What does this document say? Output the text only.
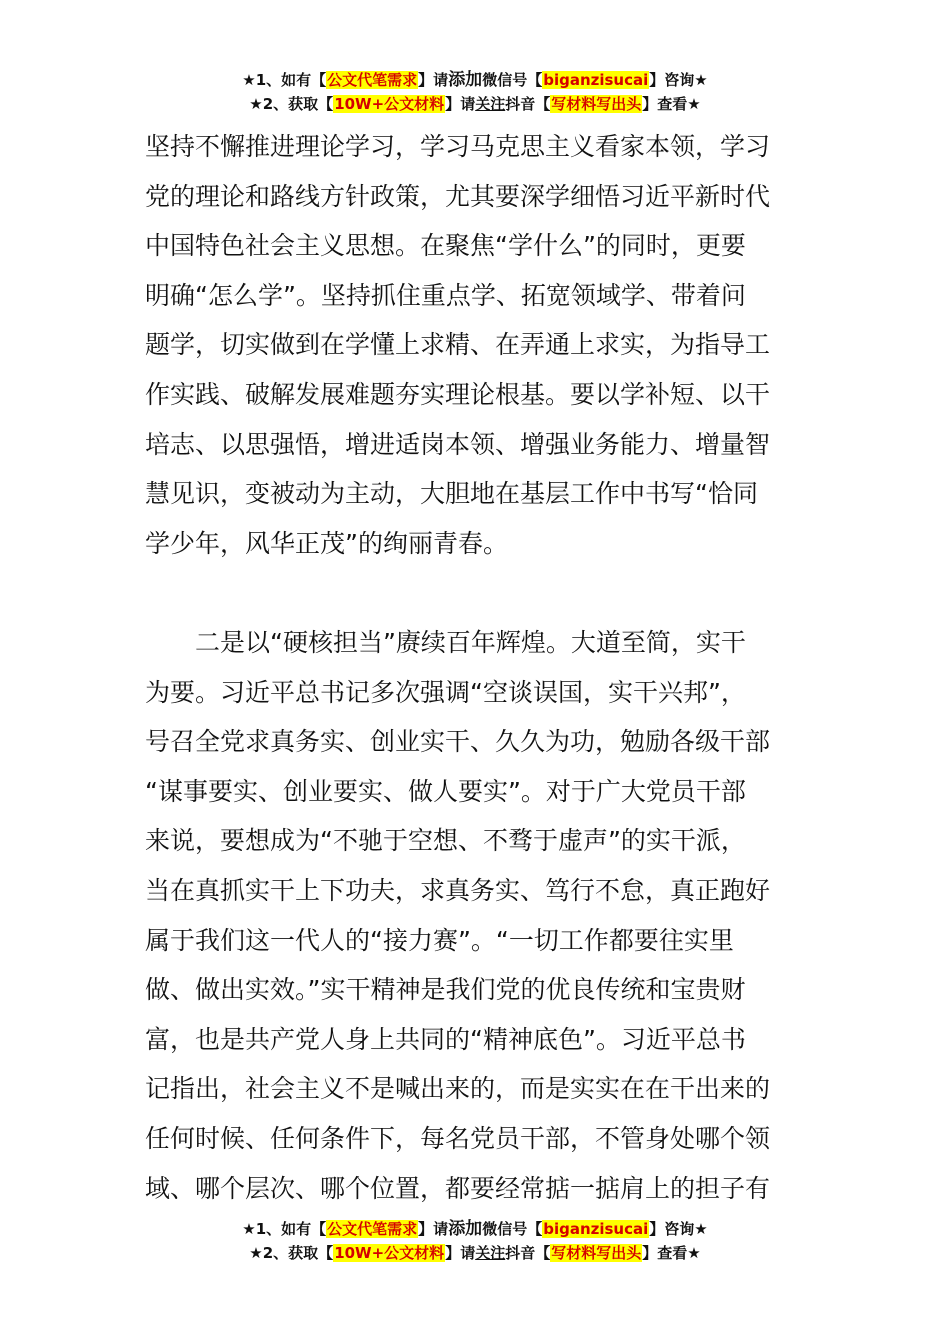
★1、如有【公文代笔需求】请添加微信号【biganzisucai】咨询★
★2、获取【10W+公文材料】请关注抖音【写材料写出头】查看★
坚持不懈推进理论学习，学习马克思主义看家本领，学习
党的理论和路线方针政策，尤其要深学细悟习近平新时代
中国特色社会主义思想。在聚焦“学什么”的同时，更要
明确“怎么学”。坚持抓住重点学、拓宽领域学、带着问
题学，切实做到在学懂上求精、在弄通上求实，为指导工
作实践、破解发展难题夯实理论根基。要以学补短、以干
培志、以思强悟，增进适岗本领、增强业务能力、增量智
慧见识，变被动为主动，大胆地在基层工作中书写“恰同
学少年，风华正茂”的绚丽青春。
　　二是以“硬核担当”赓续百年辉煌。大道至简，实干
为要。习近平总书记多次强调“空谈误国，实干兴邦”，
号召全党求真务实、创业实干、久久为功，勉励各级干部
“谋事要实、创业要实、做人要实”。对于广大党员干部
来说，要想成为“不驰于空想、不骛于虚声”的实干派，
当在真抓实干上下功夫，求真务实、笃行不怠，真正跑好
属于我们这一代人的“接力赛”。“一切工作都要往实里
做、做出实效。”实干精神是我们党的优良传统和宝贵财
富，也是共产党人身上共同的“精神底色”。习近平总书
记指出，社会主义不是喊出来的，而是实实在在干出来的
任何时候、任何条件下，每名党员干部，不管身处哪个领
域、哪个层次、哪个位置，都要经常掂一掂肩上的担子有
★1、如有【公文代笔需求】请添加微信号【biganzisucai】咨询★
★2、获取【10W+公文材料】请关注抖音【写材料写出头】查看★
